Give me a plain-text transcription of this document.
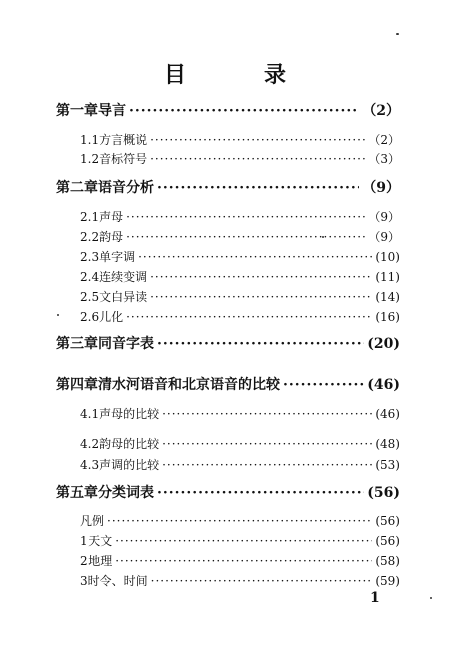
目　录
第一章 导言 ·····	（2）
1.1 方言概说 ·····	（2）
1.2 音标符号 ·····	（3）
第二章 语音分析 ·····	（9）
2.1 声母 ·····	（9）
2.2 韵母 ·····	（9）
2.3 单字调 ·····	(10)
2.4 连续变调 ·····	(11)
2.5 文白异读 ·····	(14)
2.6 儿化 ·····	(16)
第三章 同音字表 ·····	(20)
第四章 清水河语音和北京语音的比较 ·····	(46)
4.1 声母的比较 ·····	(46)
4.2 韵母的比较 ·····	(48)
4.3 声调的比较 ·····	(53)
第五章 分类词表 ·····	(56)
凡例 ·····	(56)
1 天文 ·····	(56)
2 地理 ·····	(58)
3 时令、时间 ·····	(59)
1
